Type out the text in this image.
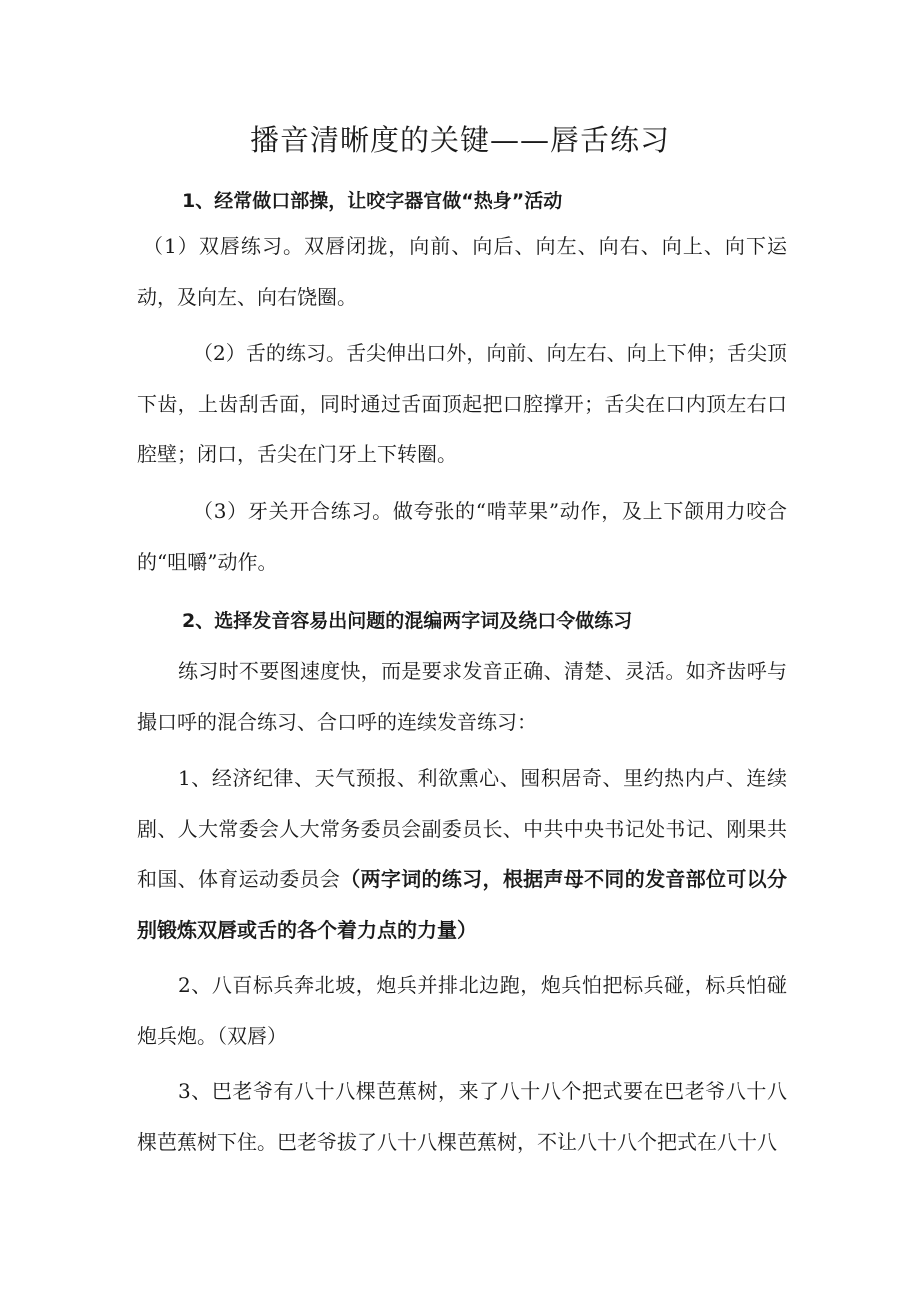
播音清晰度的关键——唇舌练习
1、经常做口部操，让咬字器官做“热身”活动

（1）双唇练习。双唇闭拢，向前、向后、向左、向右、向上、向下运动，及向左、向右饶圈。

（2）舌的练习。舌尖伸出口外，向前、向左右、向上下伸；舌尖顶下齿，上齿刮舌面，同时通过舌面顶起把口腔撑开；舌尖在口内顶左右口腔壁；闭口，舌尖在门牙上下转圈。

（3）牙关开合练习。做夸张的“啃苹果”动作，及上下颌用力咬合的“咀嚼”动作。

2、选择发音容易出问题的混编两字词及绕口令做练习

练习时不要图速度快，而是要求发音正确、清楚、灵活。如齐齿呼与撮口呼的混合练习、合口呼的连续发音练习：

1、经济纪律、天气预报、利欲熏心、囤积居奇、里约热内卢、连续剧、人大常委会人大常务委员会副委员长、中共中央书记处书记、刚果共和国、体育运动委员会（两字词的练习，根据声母不同的发音部位可以分别锻炼双唇或舌的各个着力点的力量）

2、八百标兵奔北坡，炮兵并排北边跑，炮兵怕把标兵碰，标兵怕碰炮兵炮。（双唇）

3、巴老爷有八十八棵芭蕉树，来了八十八个把式要在巴老爷八十八棵芭蕉树下住。巴老爷拔了八十八棵芭蕉树，不让八十八个把式在八十八
